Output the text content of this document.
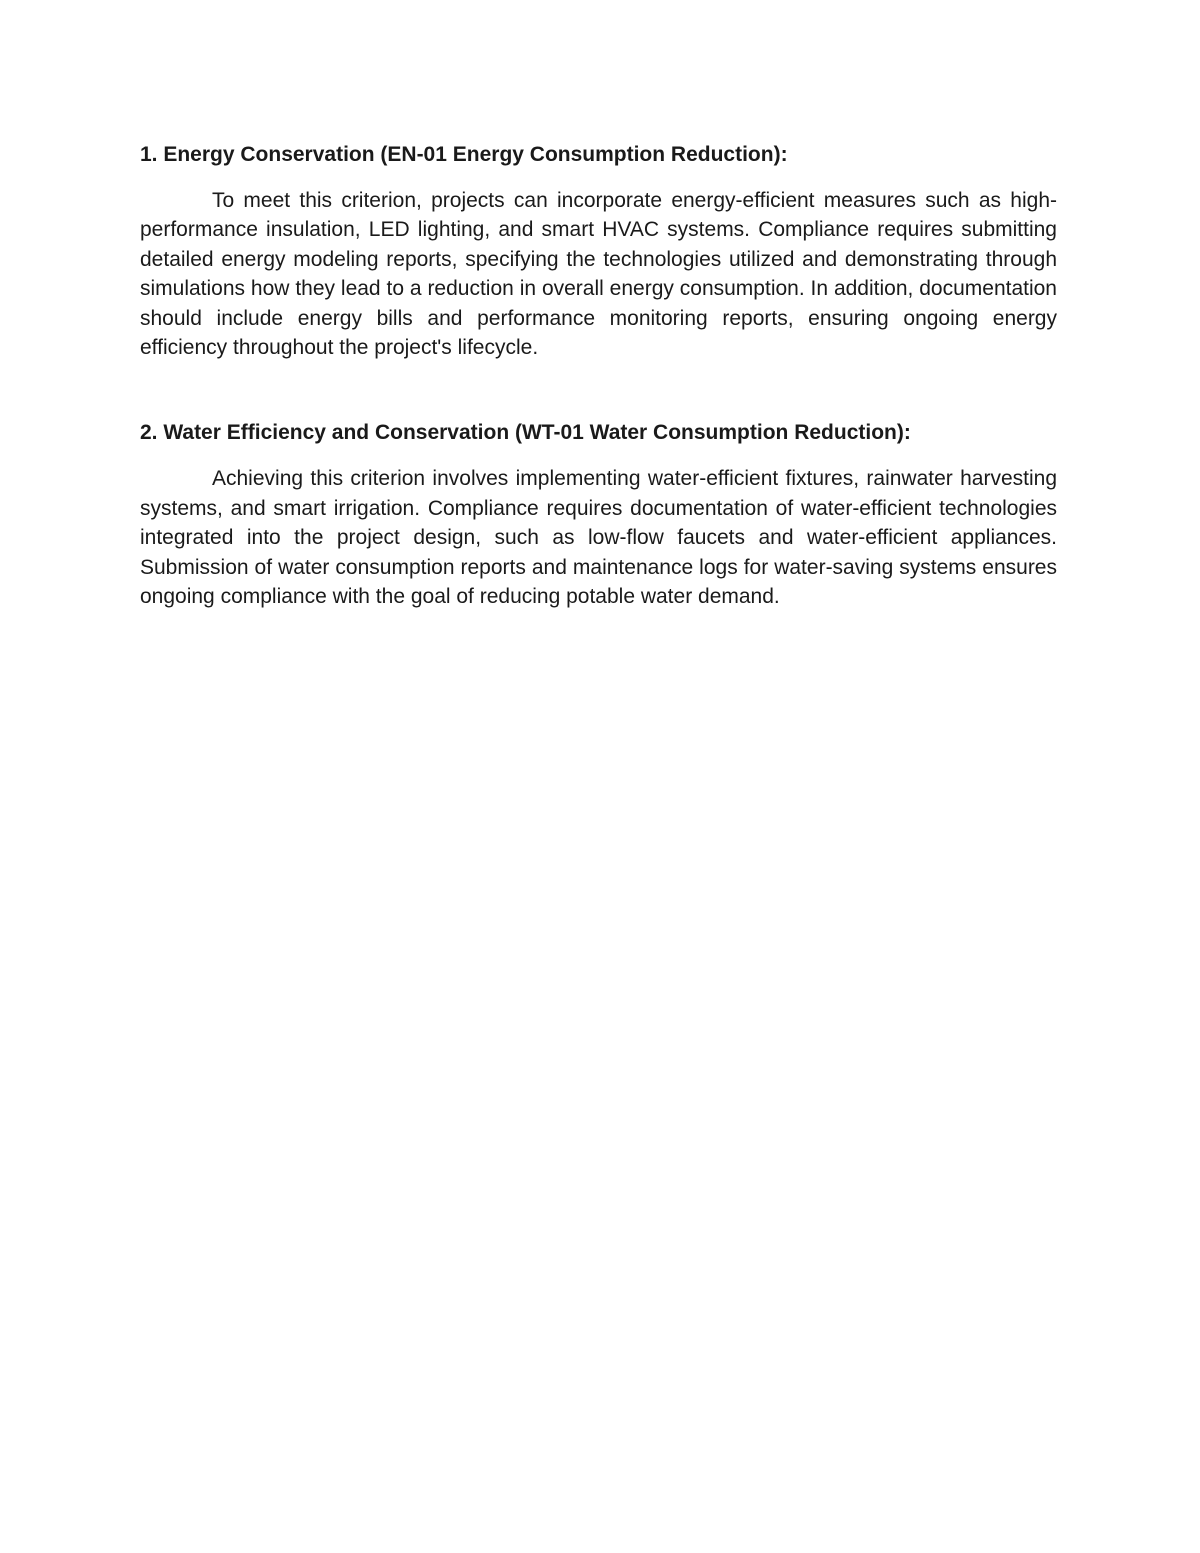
1. Energy Conservation (EN-01 Energy Consumption Reduction):

To meet this criterion, projects can incorporate energy-efficient measures such as high-performance insulation, LED lighting, and smart HVAC systems. Compliance requires submitting detailed energy modeling reports, specifying the technologies utilized and demonstrating through simulations how they lead to a reduction in overall energy consumption. In addition, documentation should include energy bills and performance monitoring reports, ensuring ongoing energy efficiency throughout the project's lifecycle.

2. Water Efficiency and Conservation (WT-01 Water Consumption Reduction):

Achieving this criterion involves implementing water-efficient fixtures, rainwater harvesting systems, and smart irrigation. Compliance requires documentation of water-efficient technologies integrated into the project design, such as low-flow faucets and water-efficient appliances. Submission of water consumption reports and maintenance logs for water-saving systems ensures ongoing compliance with the goal of reducing potable water demand.
